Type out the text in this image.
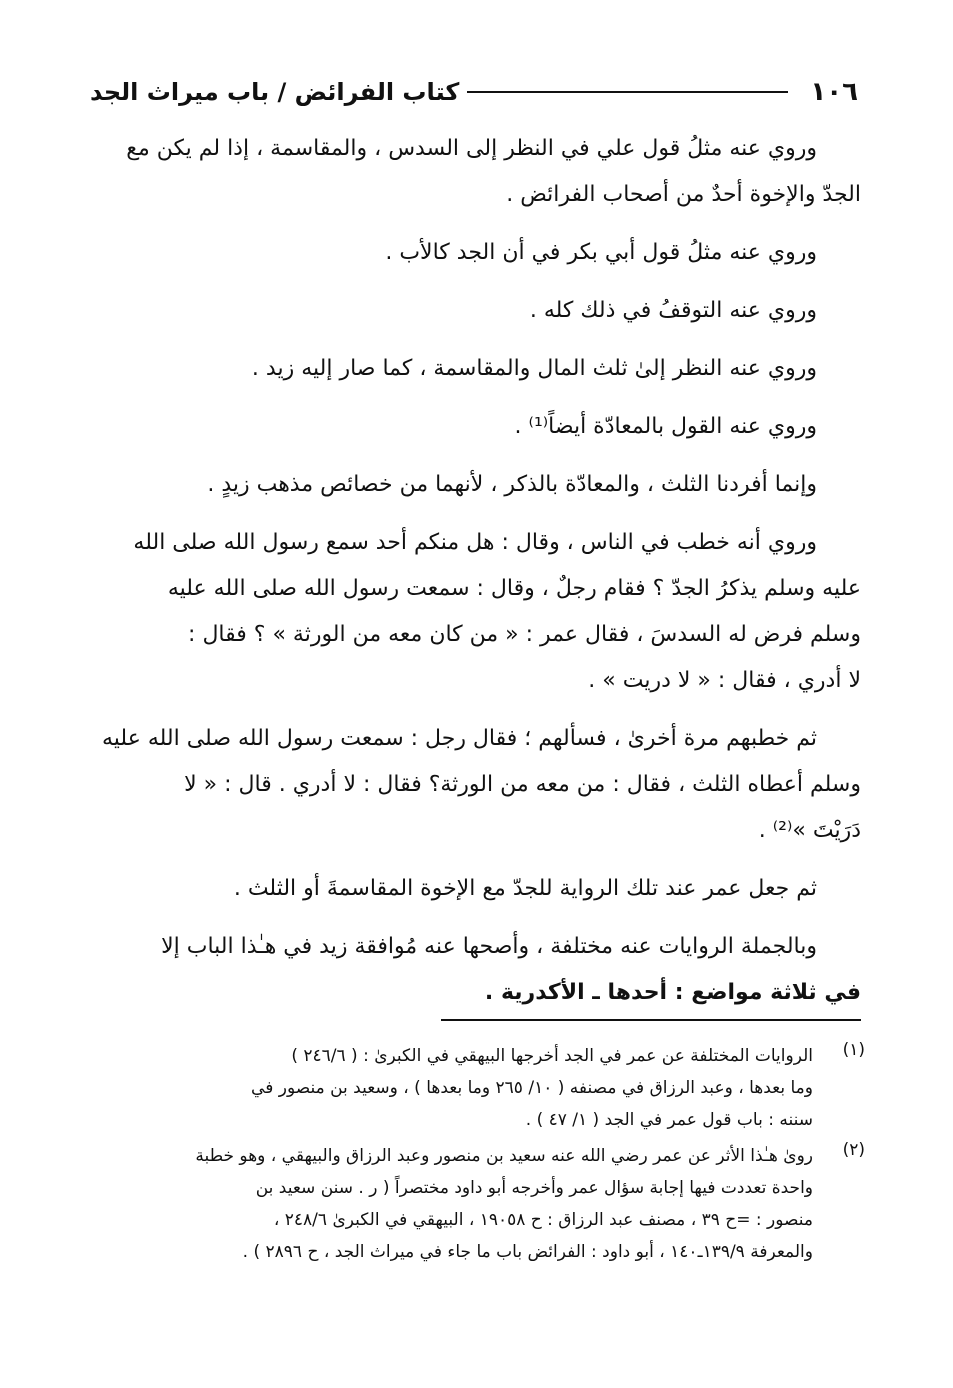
١٠٦
كتاب الفرائض / باب ميراث الجد
وروي عنه مثلُ قول علي في النظر إلى السدس ، والمقاسمة ، إذا لم يكن مع
الجدّ والإخوة أحدٌ من أصحاب الفرائض .
وروي عنه مثلُ قول أبي بكر في أن الجد كالأب .
وروي عنه التوقفُ في ذلك كله .
وروي عنه النظر إلىٰ ثلث المال والمقاسمة ، كما صار إليه زيد .
وروي عنه القول بالمعادّة أيضاً⁽¹⁾ .
وإنما أفردنا الثلث ، والمعادّة بالذكر ، لأنهما من خصائص مذهب زيدٍ .
وروي أنه خطب في الناس ، وقال : هل منكم أحد سمع رسول الله صلى الله
عليه وسلم يذكرُ الجدّ ؟ فقام رجلٌ ، وقال : سمعت رسول الله صلى الله عليه
وسلم فرض له السدسَ ، فقال عمر : « من كان معه من الورثة » ؟ فقال :
لا أدري ، فقال : « لا دريت » .
ثم خطبهم مرة أخرىٰ ، فسألهم ؛ فقال رجل : سمعت رسول الله صلى الله عليه
وسلم أعطاه الثلث ، فقال : من معه من الورثة؟ فقال : لا أدري . قال : « لا
دَرَيْتَ »⁽²⁾ .
ثم جعل عمر عند تلك الرواية للجدّ مع الإخوة المقاسمةَ أو الثلث .
وبالجملة الروايات عنه مختلفة ، وأصحها عنه مُوافقة زيد في هـٰذا الباب إلا
في ثلاثة مواضع : أحدها ـ الأكدرية .
(١)
الروايات المختلفة عن عمر في الجد أخرجها البيهقي في الكبرىٰ : ( ٢٤٦/٦ )
وما بعدها ، وعبد الرزاق في مصنفه ( ١٠/ ٢٦٥ وما بعدها ) ، وسعيد بن منصور في
سننه : باب قول عمر في الجد ( ١/ ٤٧ ) .
(٢)
روىٰ هـٰذا الأثر عن عمر رضي الله عنه سعيد بن منصور وعبد الرزاق والبيهقي ، وهو خطبة
واحدة تعددت فيها إجابة سؤال عمر وأخرجه أبو داود مختصراً ( ر . سنن سعيد بن
منصور : =ح ٣٩ ، مصنف عبد الرزاق : ح ١٩٠٥٨ ، البيهقي في الكبرىٰ ٢٤٨/٦ ،
والمعرفة ١٣٩/٩ـ١٤٠ ، أبو داود : الفرائض باب ما جاء في ميراث الجد ، ح ٢٨٩٦ ) .
